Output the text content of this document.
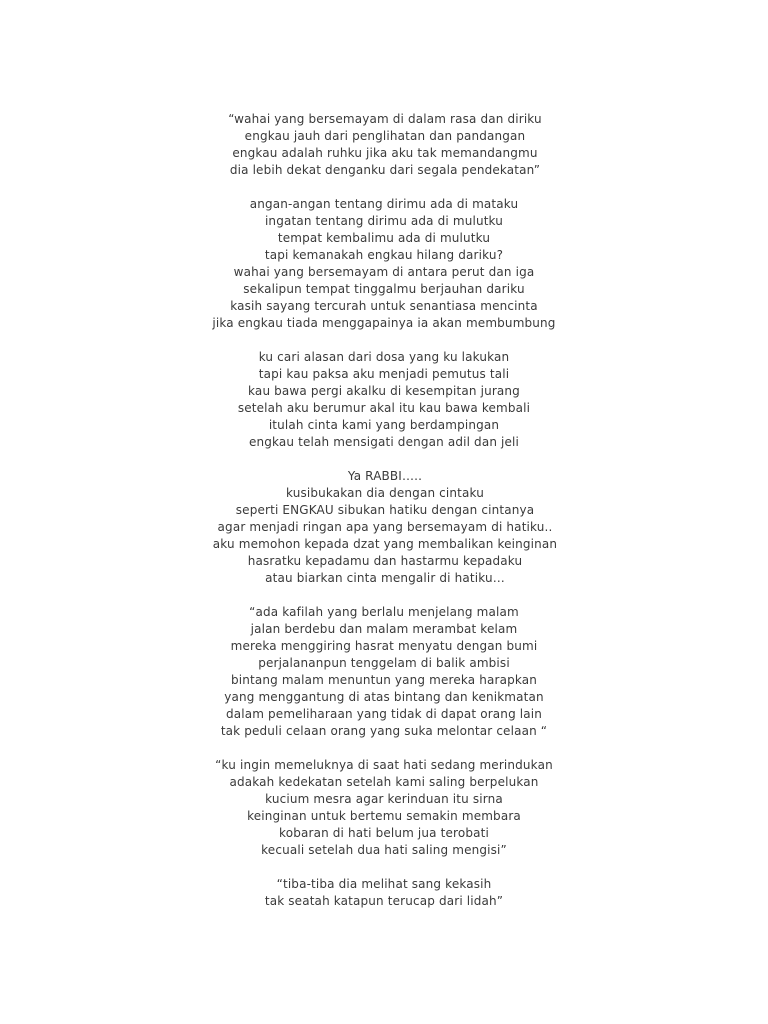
“wahai yang bersemayam di dalam rasa dan diriku
engkau jauh dari penglihatan dan pandangan
engkau adalah ruhku jika aku tak memandangmu
dia lebih dekat denganku dari segala pendekatan”
angan-angan tentang dirimu ada di mataku
ingatan tentang dirimu ada di mulutku
tempat kembalimu ada di mulutku
tapi kemanakah engkau hilang dariku?
wahai yang bersemayam di antara perut dan iga
sekalipun tempat tinggalmu berjauhan dariku
kasih sayang tercurah untuk senantiasa mencinta
jika engkau tiada menggapainya ia akan membumbung
ku cari alasan dari dosa yang ku lakukan
tapi kau paksa aku menjadi pemutus tali
kau bawa pergi akalku di kesempitan jurang
setelah aku berumur akal itu kau bawa kembali
itulah cinta kami yang berdampingan
engkau telah mensigati dengan adil dan jeli
Ya RABBI…..
kusibukakan dia dengan cintaku
seperti ENGKAU sibukan hatiku dengan cintanya
agar menjadi ringan apa yang bersemayam di hatiku..
aku memohon kepada dzat yang membalikan keinginan
hasratku kepadamu dan hastarmu kepadaku
atau biarkan cinta mengalir di hatiku…
“ada kafilah yang berlalu menjelang malam
jalan berdebu dan malam merambat kelam
mereka menggiring hasrat menyatu dengan bumi
perjalananpun tenggelam di balik ambisi
bintang malam menuntun yang mereka harapkan
yang menggantung di atas bintang dan kenikmatan
dalam pemeliharaan yang tidak di dapat orang lain
tak peduli celaan orang yang suka melontar celaan “
“ku ingin memeluknya di saat hati sedang merindukan
adakah kedekatan setelah kami saling berpelukan
kucium mesra agar kerinduan itu sirna
keinginan untuk bertemu semakin membara
kobaran di hati belum jua terobati
kecuali setelah dua hati saling mengisi”
“tiba-tiba dia melihat sang kekasih
tak seatah katapun terucap dari lidah”
